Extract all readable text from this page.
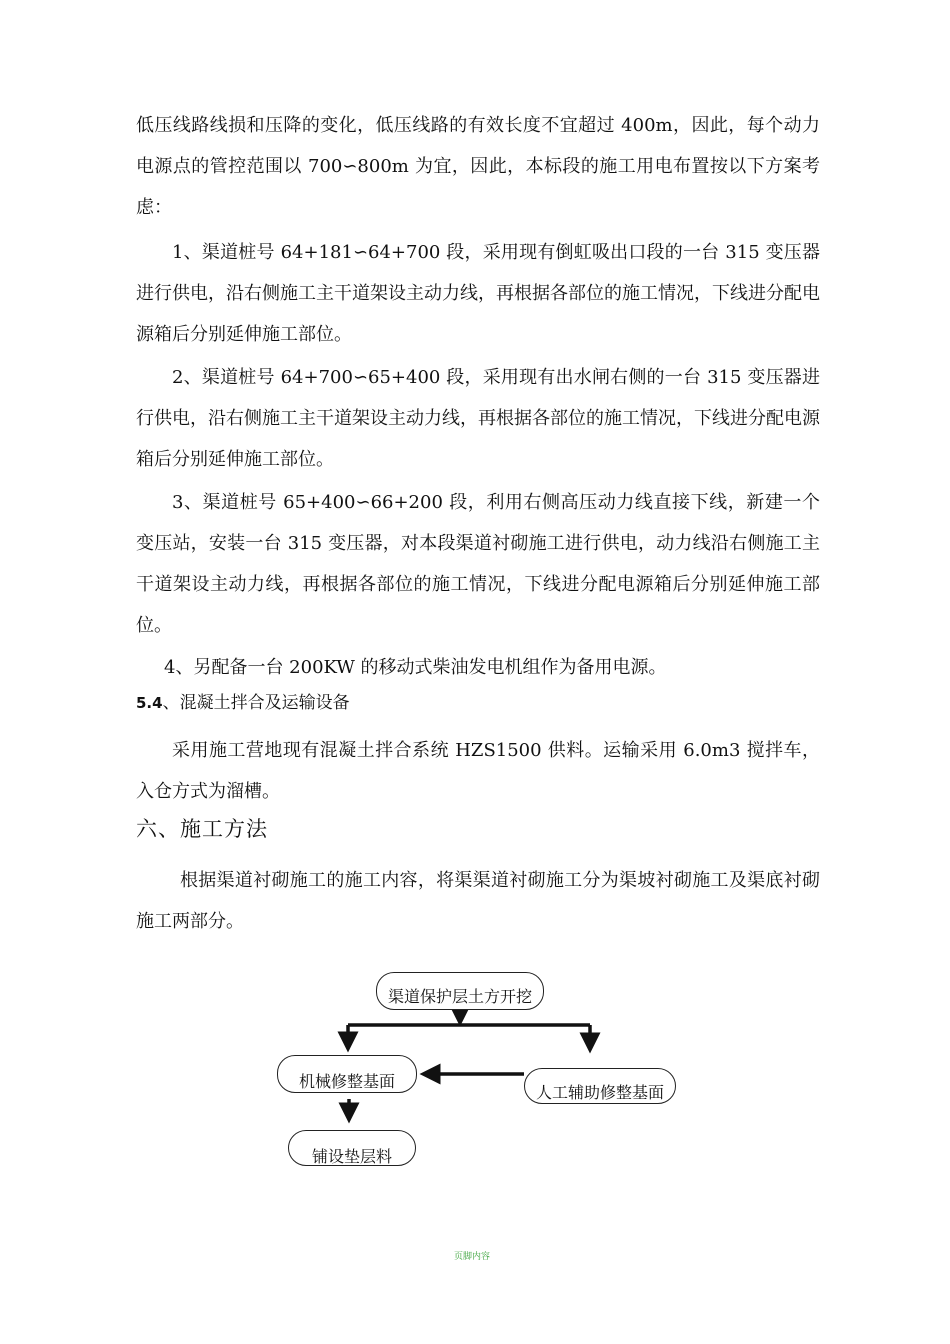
低压线路线损和压降的变化，低压线路的有效长度不宜超过 400m，因此，每个动力电源点的管控范围以 700∽800m 为宜，因此，本标段的施工用电布置按以下方案考虑：

1、渠道桩号 64+181∽64+700 段，采用现有倒虹吸出口段的一台 315 变压器进行供电，沿右侧施工主干道架设主动力线，再根据各部位的施工情况，下线进分配电源箱后分别延伸施工部位。

2、渠道桩号 64+700∽65+400 段，采用现有出水闸右侧的一台 315 变压器进行供电，沿右侧施工主干道架设主动力线，再根据各部位的施工情况，下线进分配电源箱后分别延伸施工部位。

3、渠道桩号 65+400∽66+200 段，利用右侧高压动力线直接下线，新建一个变压站，安装一台 315 变压器，对本段渠道衬砌施工进行供电，动力线沿右侧施工主干道架设主动力线，再根据各部位的施工情况，下线进分配电源箱后分别延伸施工部位。

4、另配备一台 200KW 的移动式柴油发电机组作为备用电源。

5.4、混凝土拌合及运输设备

采用施工营地现有混凝土拌合系统 HZS1500 供料。运输采用 6.0m3 搅拌车，入仓方式为溜槽。

六、施工方法

根据渠道衬砌施工的施工内容，将渠渠道衬砌施工分为渠坡衬砌施工及渠底衬砌施工两部分。

渠道保护层土方开挖
机械修整基面
人工辅助修整基面
铺设垫层料
页脚内容
